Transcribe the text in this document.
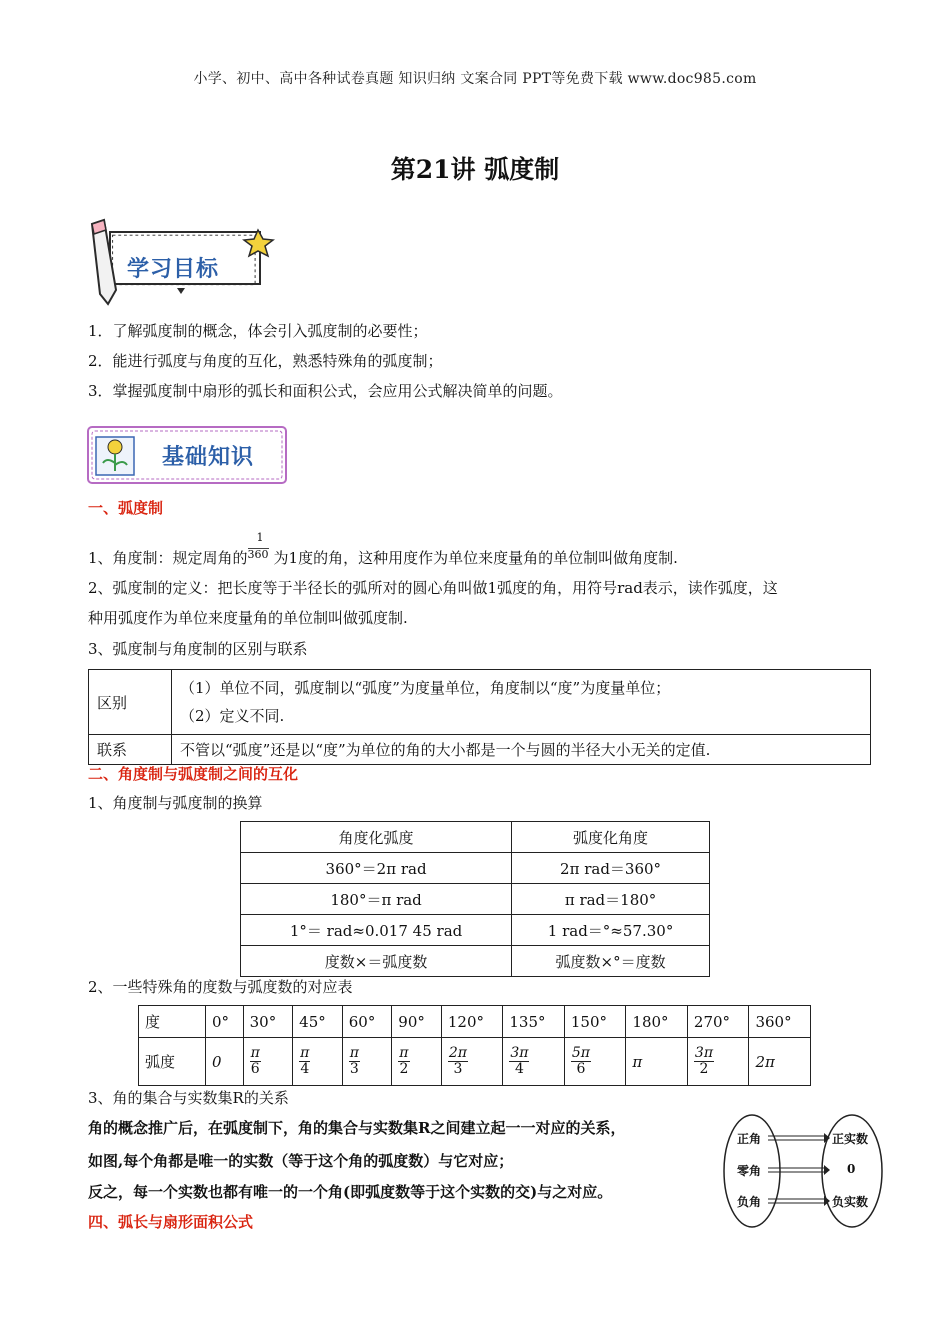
小学、初中、高中各种试卷真题 知识归纳 文案合同 PPT等免费下载 www.doc985.com
第21讲 弧度制
学习目标
1．了解弧度制的概念，体会引入弧度制的必要性；
2．能进行弧度与角度的互化，熟悉特殊角的弧度制；
3．掌握弧度制中扇形的弧长和面积公式，会应用公式解决简单的问题。
基础知识
一、弧度制
1、角度制：规定周角的 $\frac{1}{360}$ 为1度的角，这种用度作为单位来度量角的单位制叫做角度制.
2、弧度制的定义：把长度等于半径长的弧所对的圆心角叫做1弧度的角，用符号rad表示，读作弧度，这
种用弧度作为单位来度量角的单位制叫做弧度制.
3、弧度制与角度制的区别与联系
区别	（1）单位不同，弧度制以“弧度”为度量单位，角度制以“度”为度量单位；
（2）定义不同.

联系	不管以“弧度”还是以“度”为单位的角的大小都是一个与圆的半径大小无关的定值.
二、角度制与弧度制之间的互化
1、角度制与弧度制的换算
角度化弧度	弧度化角度
360°＝2π rad	2π rad＝360°
180°＝π rad	π rad＝180°
1°＝ rad≈0.017 45 rad	1 rad＝°≈57.30°
度数×＝弧度数	弧度数×°＝度数
2、一些特殊角的度数与弧度数的对应表
度	0°	30°	45°	60°	90°	120°	135°	150°	180°	270°	360°
弧度	0	$\frac{\pi}{6}$	$\frac{\pi}{4}$	$\frac{\pi}{3}$	$\frac{\pi}{2}$	$\frac{2\pi}{3}$	$\frac{3\pi}{4}$	$\frac{5\pi}{6}$	π	$\frac{3\pi}{2}$	2π
3、角的集合与实数集R的关系
角的概念推广后，在弧度制下，角的集合与实数集R之间建立起一一对应的关系，
如图,每个角都是唯一的实数（等于这个角的弧度数）与它对应；
反之，每一个实数也都有唯一的一个角(即弧度数等于这个实数的交)与之对应。
正角
零角
负角
正实数
0
负实数
四、弧长与扇形面积公式
